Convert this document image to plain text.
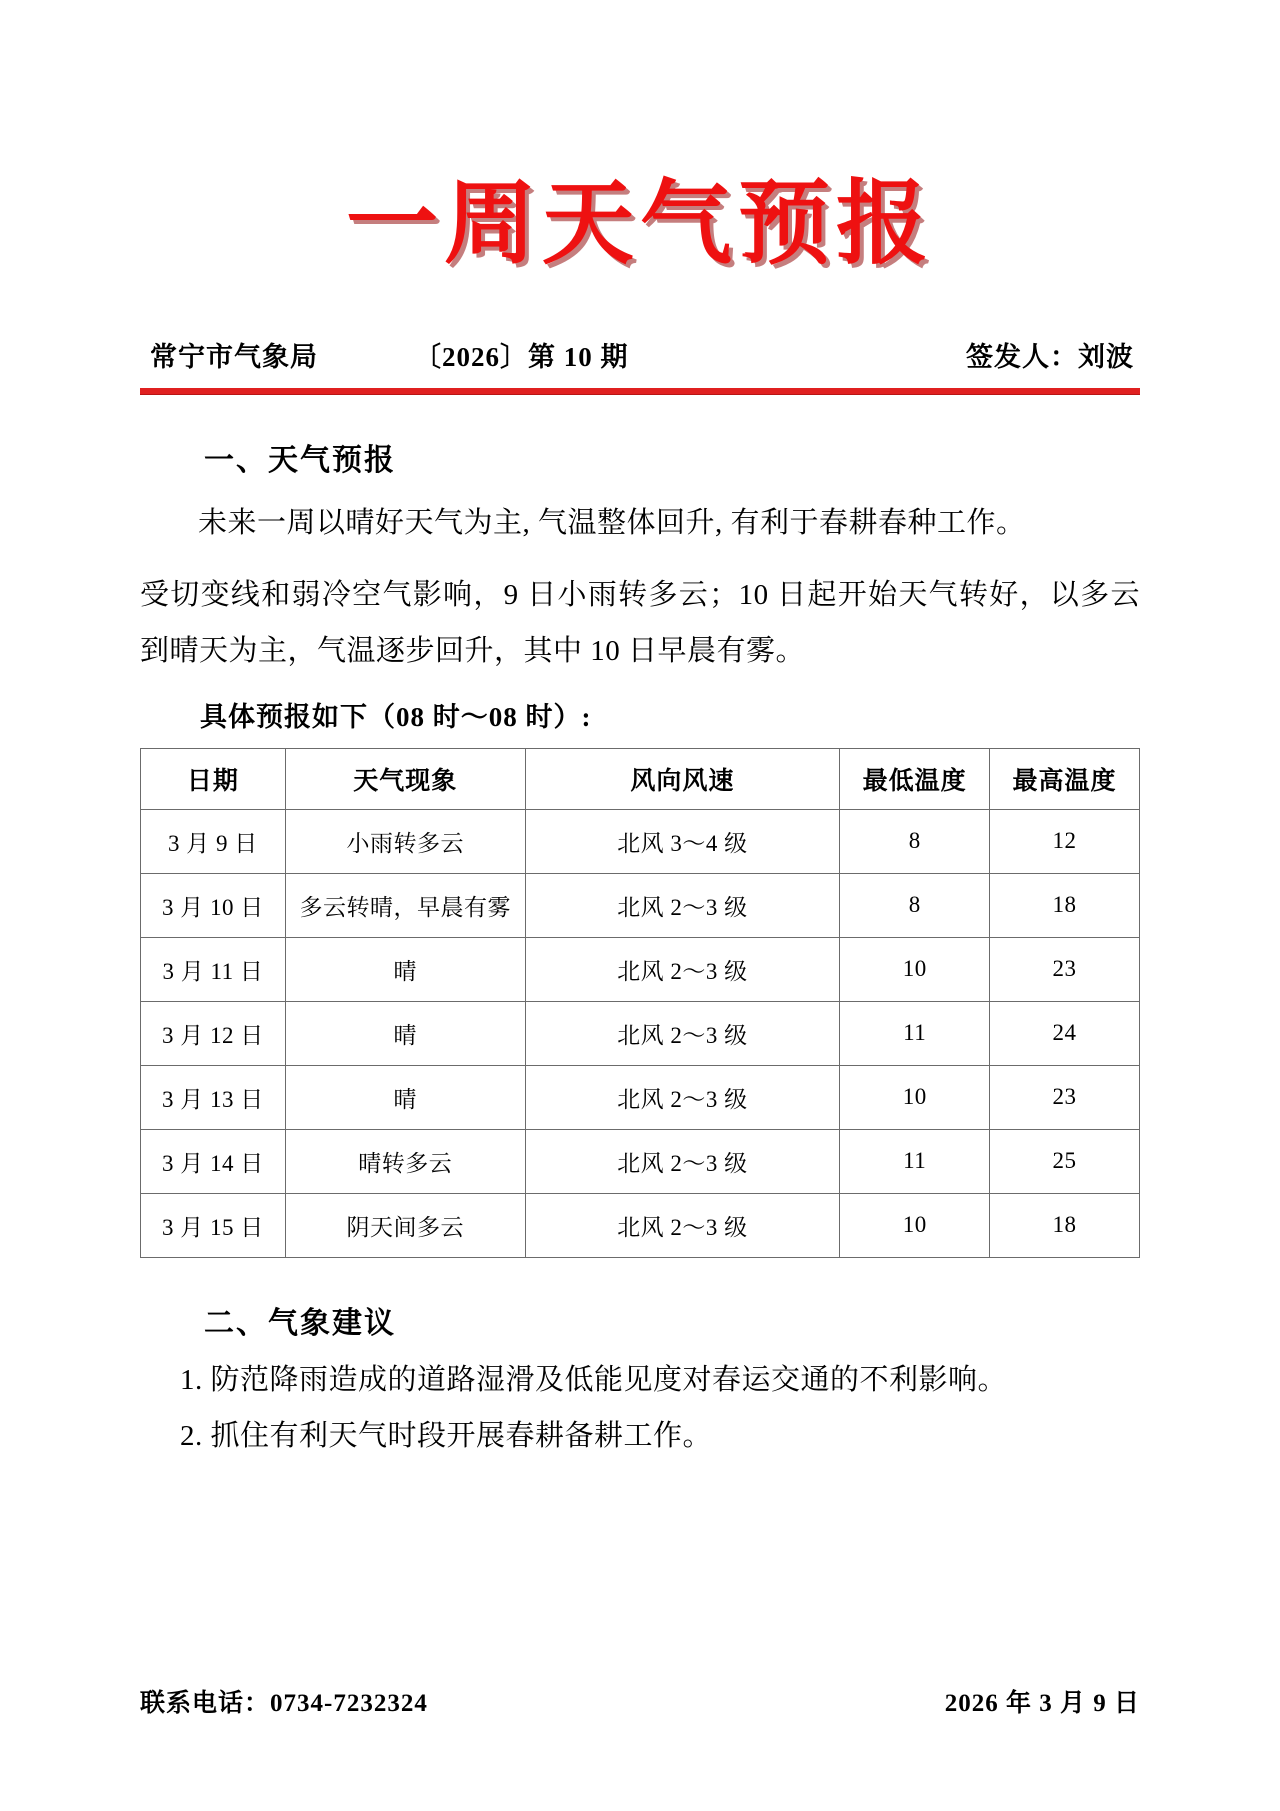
一周天气预报
常宁市气象局	〔2026〕第 10 期	签发人：刘波
一、天气预报
未来一周以晴好天气为主, 气温整体回升, 有利于春耕春种工作。
受切变线和弱冷空气影响，9 日小雨转多云；10 日起开始天气转好，以多云到晴天为主，气温逐步回升，其中 10 日早晨有雾。
具体预报如下（08 时～08 时）:
日期	天气现象	风向风速	最低温度	最高温度
3 月 9 日	小雨转多云	北风 3～4 级	8	12
3 月 10 日	多云转晴，早晨有雾	北风 2～3 级	8	18
3 月 11 日	晴	北风 2～3 级	10	23
3 月 12 日	晴	北风 2～3 级	11	24
3 月 13 日	晴	北风 2～3 级	10	23
3 月 14 日	晴转多云	北风 2～3 级	11	25
3 月 15 日	阴天间多云	北风 2～3 级	10	18
二、气象建议
1. 防范降雨造成的道路湿滑及低能见度对春运交通的不利影响。
2. 抓住有利天气时段开展春耕备耕工作。
联系电话：0734-7232324	2026 年 3 月 9 日
